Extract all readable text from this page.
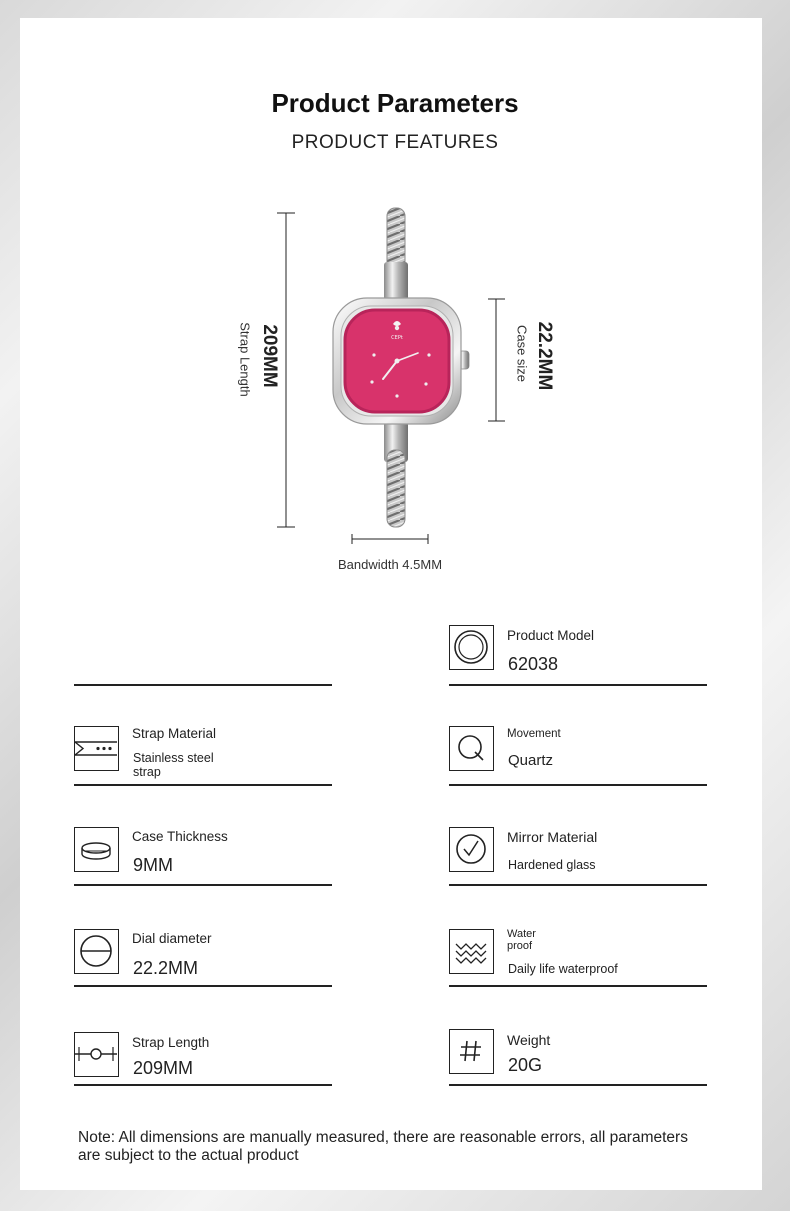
Product Parameters
PRODUCT FEATURES
CEPt
209MM
Strap Length	22.2MM
Case size
Bandwidth 4.5MM
Strap Material
Stainless steel strap
Case Thickness
9MM
Dial diameter
22.2MM
Strap Length
209MM
Product Model
62038
Movement
Quartz
Mirror Material
Hardened glass
Water proof
Daily life waterproof
Weight
20G
Note: All dimensions are manually measured, there are reasonable errors, all parameters are subject to the actual product
